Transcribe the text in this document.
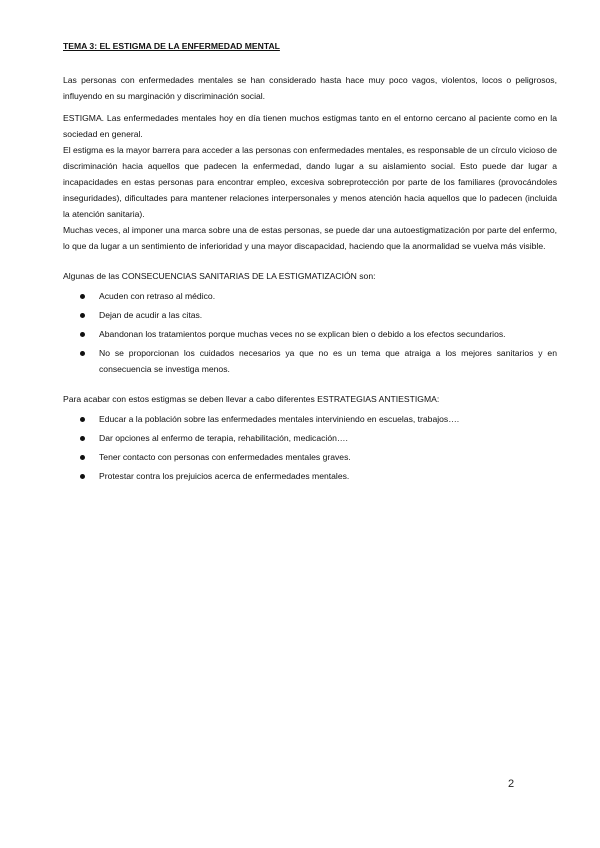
TEMA 3: EL ESTIGMA DE LA ENFERMEDAD MENTAL

Las personas con enfermedades mentales se han considerado hasta hace muy poco vagos, violentos, locos o peligrosos, influyendo en su marginación y discriminación social.

ESTIGMA. Las enfermedades mentales hoy en día tienen muchos estigmas tanto en el entorno cercano al paciente como en la sociedad en general.

El estigma es la mayor barrera para acceder a las personas con enfermedades mentales, es responsable de un círculo vicioso de discriminación hacia aquellos que padecen la enfermedad, dando lugar a su aislamiento social. Esto puede dar lugar a incapacidades en estas personas para encontrar empleo, excesiva sobreprotección por parte de los familiares (provocándoles inseguridades), dificultades para mantener relaciones interpersonales y menos atención hacia aquellos que lo padecen (incluida la atención sanitaria).

Muchas veces, al imponer una marca sobre una de estas personas, se puede dar una autoestigmatización por parte del enfermo, lo que da lugar a un sentimiento de inferioridad y una mayor discapacidad, haciendo que la anormalidad se vuelva más visible.

Algunas de las CONSECUENCIAS SANITARIAS DE LA ESTIGMATIZACIÓN son:

Acuden con retraso al médico.
Dejan de acudir a las citas.
Abandonan los tratamientos porque muchas veces no se explican bien o debido a los efectos secundarios.
No se proporcionan los cuidados necesarios ya que no es un tema que atraiga a los mejores sanitarios y en consecuencia se investiga menos.

Para acabar con estos estigmas se deben llevar a cabo diferentes ESTRATEGIAS ANTIESTIGMA:

Educar a la población sobre las enfermedades mentales interviniendo en escuelas, trabajos….
Dar opciones al enfermo de terapia, rehabilitación, medicación….
Tener contacto con personas con enfermedades mentales graves.
Protestar contra los prejuicios acerca de enfermedades mentales.
2
